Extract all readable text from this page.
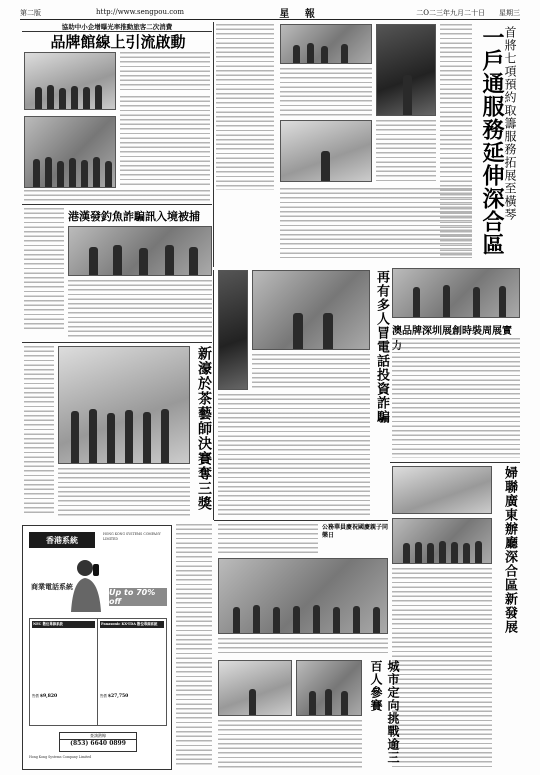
第二版	http://www.sengpou.com	星 報	二O二三年九月二十日 星期三
協助中小企增曝光率推動旅客二次消費
品牌館線上引流啟動	一戶通服務延伸深合區 首將七項預約取籌服務拓展至橫琴
港漢發釣魚詐騙訊入境被捕
新濠於茶藝師決賽奪三獎	再有多人冒電話投資詐騙 澳品牌深圳展創時裝周展實力
婦聯廣東辦廳深合區新發展
公務華員慶祝國慶親子同樂日
城市定向挑戰逾三百人參賽
香港系統
HONG KONG SYSTEMS COMPANY LIMITED
商業電話系統
Up to 70% off
NEC 數位專線系統
售價 $9,820
Panasonic KX-TDA 數位專線系統
售價 $27,750
查詢熱線
(853) 6640 0899
Hong Kong Systems Company Limited
